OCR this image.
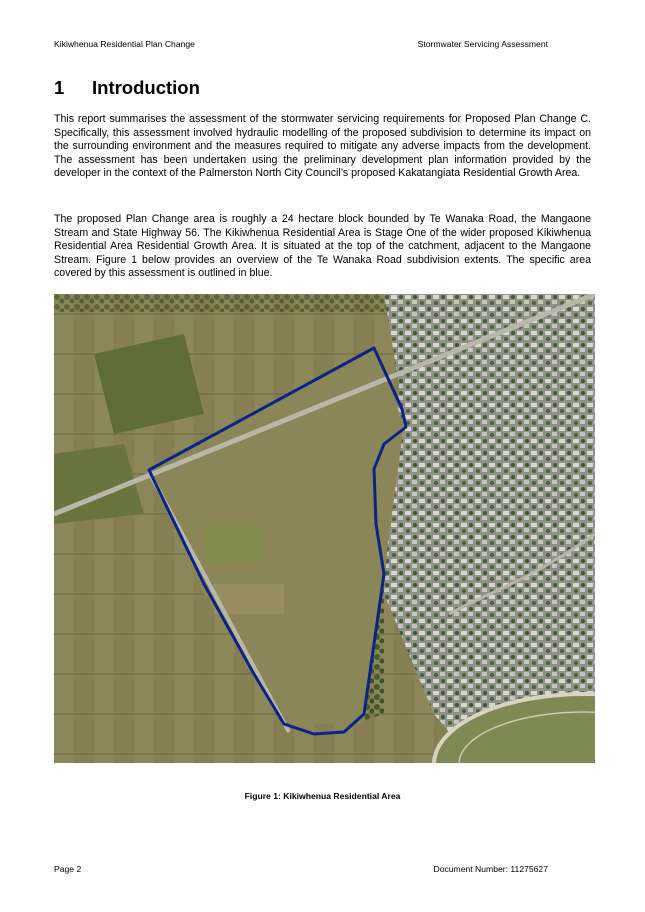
Kikiwhenua Residential Plan Change	Stormwater Servicing Assessment
1 Introduction

This report summarises the assessment of the stormwater servicing requirements for Proposed Plan Change C. Specifically, this assessment involved hydraulic modelling of the proposed subdivision to determine its impact on the surrounding environment and the measures required to mitigate any adverse impacts from the development. The assessment has been undertaken using the preliminary development plan information provided by the developer in the context of the Palmerston North City Council’s proposed Kakatangiata Residential Growth Area.

The proposed Plan Change area is roughly a 24 hectare block bounded by Te Wanaka Road, the Mangaone Stream and State Highway 56. The Kikiwhenua Residential Area is Stage One of the wider proposed Kikiwhenua Residential Area Residential Growth Area. It is situated at the top of the catchment, adjacent to the Mangaone Stream. Figure 1 below provides an overview of the Te Wanaka Road subdivision extents. The specific area covered by this assessment is outlined in blue.

Figure 1: Kikiwhenua Residential Area
Page 2	Document Number: 11275627
